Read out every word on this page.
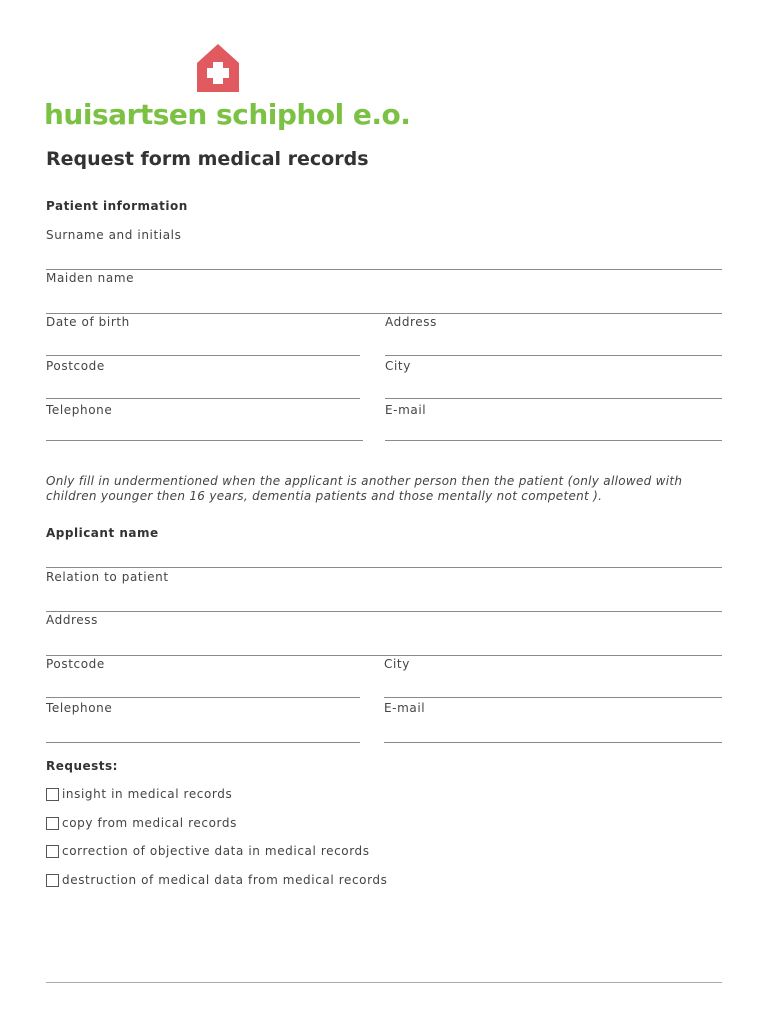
huisartsen schiphol e.o.
Request form medical records
Patient information
Surname and initials
Maiden name
Date of birth	Address
Postcode	City
Telephone	E-mail
Only fill in undermentioned when the applicant is another person then the patient (only allowed with children younger then 16 years, dementia patients and those mentally not competent ).
Applicant name
Relation to patient
Address
Postcode	City
Telephone	E-mail
Requests:
insight in medical records
copy from medical records
correction of objective data in medical records
destruction of medical data from medical records
